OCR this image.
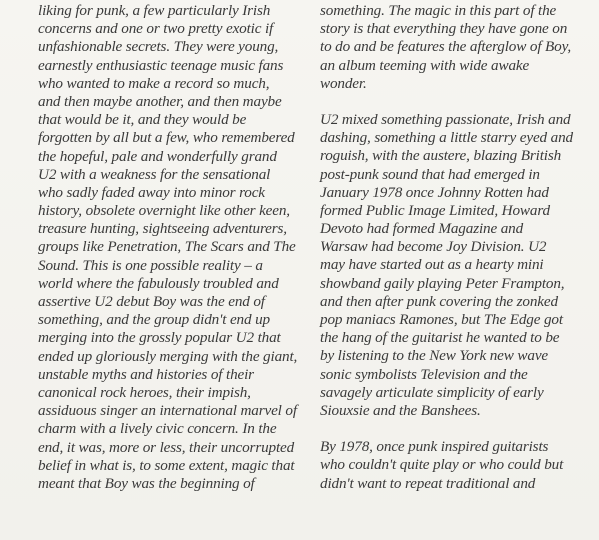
liking for punk, a few particularly Irish
concerns and one or two pretty exotic if
unfashionable secrets. They were young,
earnestly enthusiastic teenage music fans
who wanted to make a record so much,
and then maybe another, and then maybe
that would be it, and they would be
forgotten by all but a few, who remembered
the hopeful, pale and wonderfully grand
U2 with a weakness for the sensational
who sadly faded away into minor rock
history, obsolete overnight like other keen,
treasure hunting, sightseeing adventurers,
groups like Penetration, The Scars and The
Sound. This is one possible reality – a
world where the fabulously troubled and
assertive U2 debut Boy was the end of
something, and the group didn't end up
merging into the grossly popular U2 that
ended up gloriously merging with the giant,
unstable myths and histories of their
canonical rock heroes, their impish,
assiduous singer an international marvel of
charm with a lively civic concern. In the
end, it was, more or less, their uncorrupted
belief in what is, to some extent, magic that
meant that Boy was the beginning of
something. The magic in this part of the
story is that everything they have gone on
to do and be features the afterglow of Boy,
an album teeming with wide awake
wonder.
U2 mixed something passionate, Irish and
dashing, something a little starry eyed and
roguish, with the austere, blazing British
post-punk sound that had emerged in
January 1978 once Johnny Rotten had
formed Public Image Limited, Howard
Devoto had formed Magazine and
Warsaw had become Joy Division. U2
may have started out as a hearty mini
showband gaily playing Peter Frampton,
and then after punk covering the zonked
pop maniacs Ramones, but The Edge got
the hang of the guitarist he wanted to be
by listening to the New York new wave
sonic symbolists Television and the
savagely articulate simplicity of early
Siouxsie and the Banshees.
By 1978, once punk inspired guitarists
who couldn't quite play or who could but
didn't want to repeat traditional and
